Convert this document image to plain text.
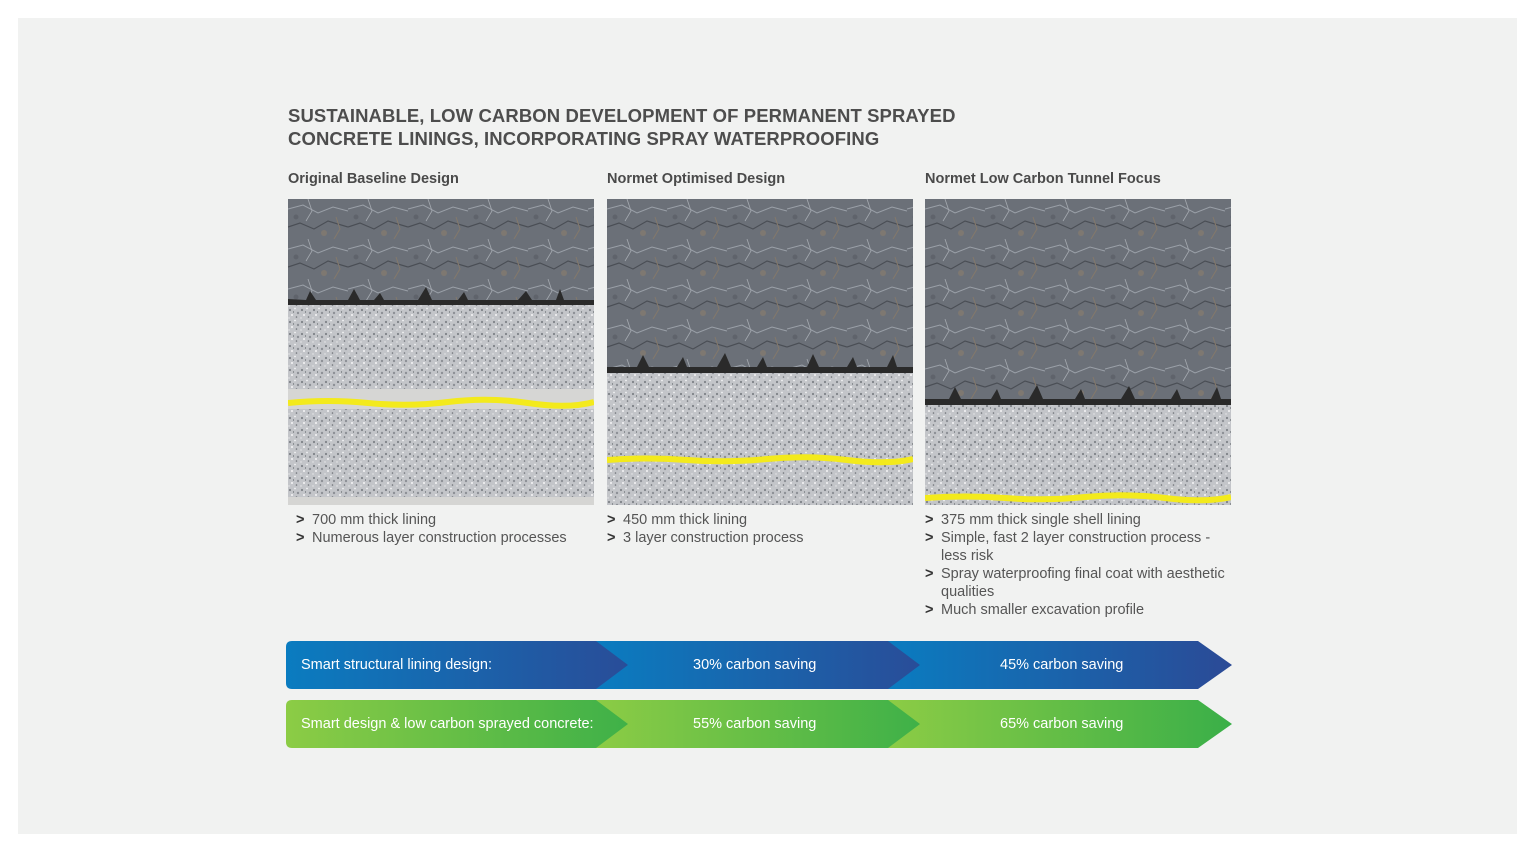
SUSTAINABLE, LOW CARBON DEVELOPMENT OF PERMANENT SPRAYED
CONCRETE LININGS, INCORPORATING SPRAY WATERPROOFING
Original Baseline Design
> 700 mm thick lining
> Numerous layer construction processes
Normet Optimised Design
> 450 mm thick lining
> 3 layer construction process
Normet Low Carbon Tunnel Focus
> 375 mm thick single shell lining
> Simple, fast 2 layer construction process - less risk
> Spray waterproofing final coat with aesthetic qualities
> Much smaller excavation profile
Smart structural lining design:	30% carbon saving	45% carbon saving
Smart design & low carbon sprayed concrete:	55% carbon saving	65% carbon saving
